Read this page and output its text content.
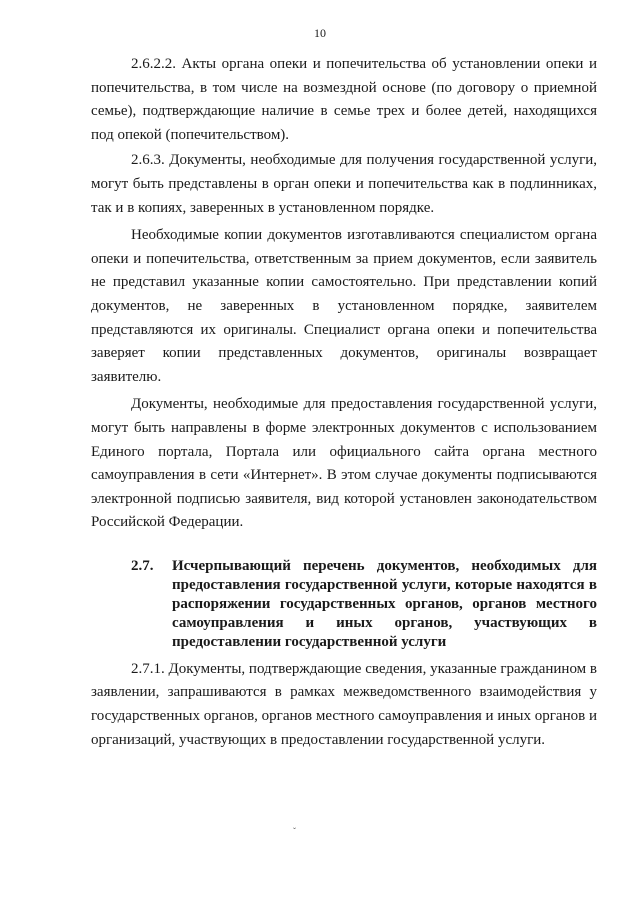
10

2.6.2.2. Акты органа опеки и попечительства об установлении опеки и попечительства, в том числе на возмездной основе (по договору о приемной семье), подтверждающие наличие в семье трех и более детей, находящихся под опекой (попечительством).

2.6.3. Документы, необходимые для получения государственной услуги, могут быть представлены в орган опеки и попечительства как в подлинниках, так и в копиях, заверенных в установленном порядке.

Необходимые копии документов изготавливаются специалистом органа опеки и попечительства, ответственным за прием документов, если заявитель не представил указанные копии самостоятельно. При представлении копий документов, не заверенных в установленном порядке, заявителем представляются их оригиналы. Специалист органа опеки и попечительства заверяет копии представленных документов, оригиналы возвращает заявителю.

Документы, необходимые для предоставления государственной услуги, могут быть направлены в форме электронных документов с использованием Единого портала, Портала или официального сайта органа местного самоуправления в сети «Интернет». В этом случае документы подписываются электронной подписью заявителя, вид которой установлен законодательством Российской Федерации.

2.7.	Исчерпывающий перечень документов, необходимых для предоставления государственной услуги, которые находятся в распоряжении государственных органов, органов местного самоуправления и иных органов, участвующих в предоставлении государственной услуги

2.7.1. Документы, подтверждающие сведения, указанные гражданином в заявлении, запрашиваются в рамках межведомственного взаимодействия у государственных органов, органов местного самоуправления и иных органов и организаций, участвующих в предоставлении государственной услуги.

ˇ
